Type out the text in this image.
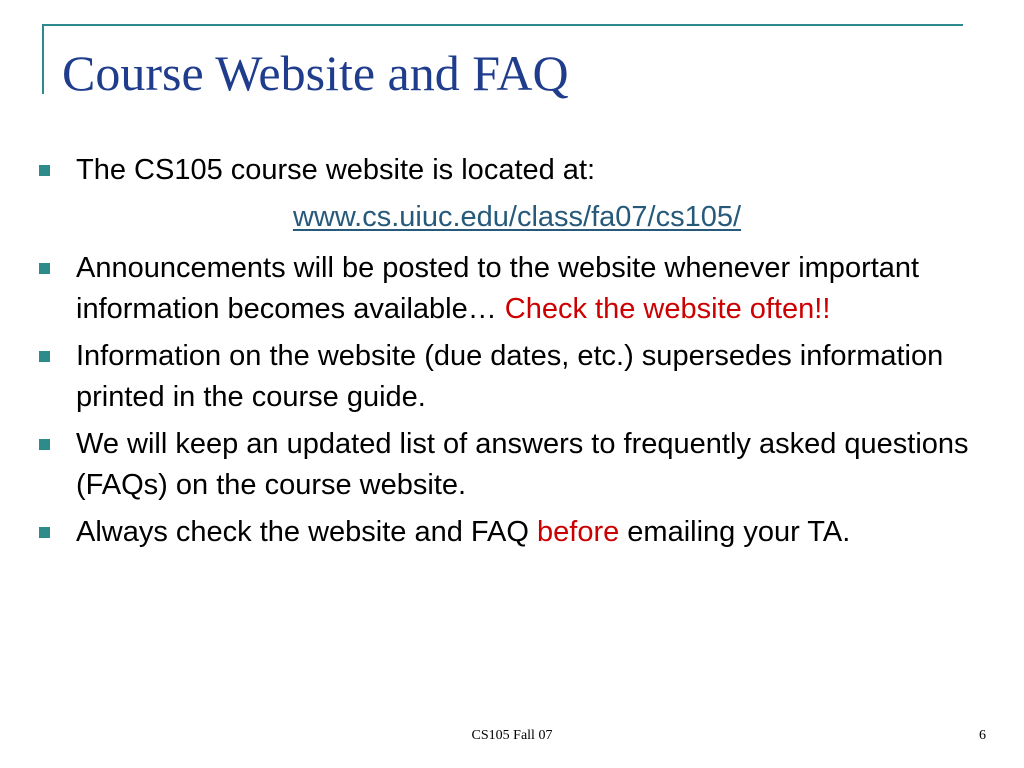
Course Website and FAQ
The CS105 course website is located at:
www.cs.uiuc.edu/class/fa07/cs105/
Announcements will be posted to the website whenever important information becomes available… Check the website often!!
Information on the website (due dates, etc.) supersedes information printed in the course guide.
We will keep an updated list of answers to frequently asked questions (FAQs) on the course website.
Always check the website and FAQ before emailing your TA.
CS105 Fall 07	6
